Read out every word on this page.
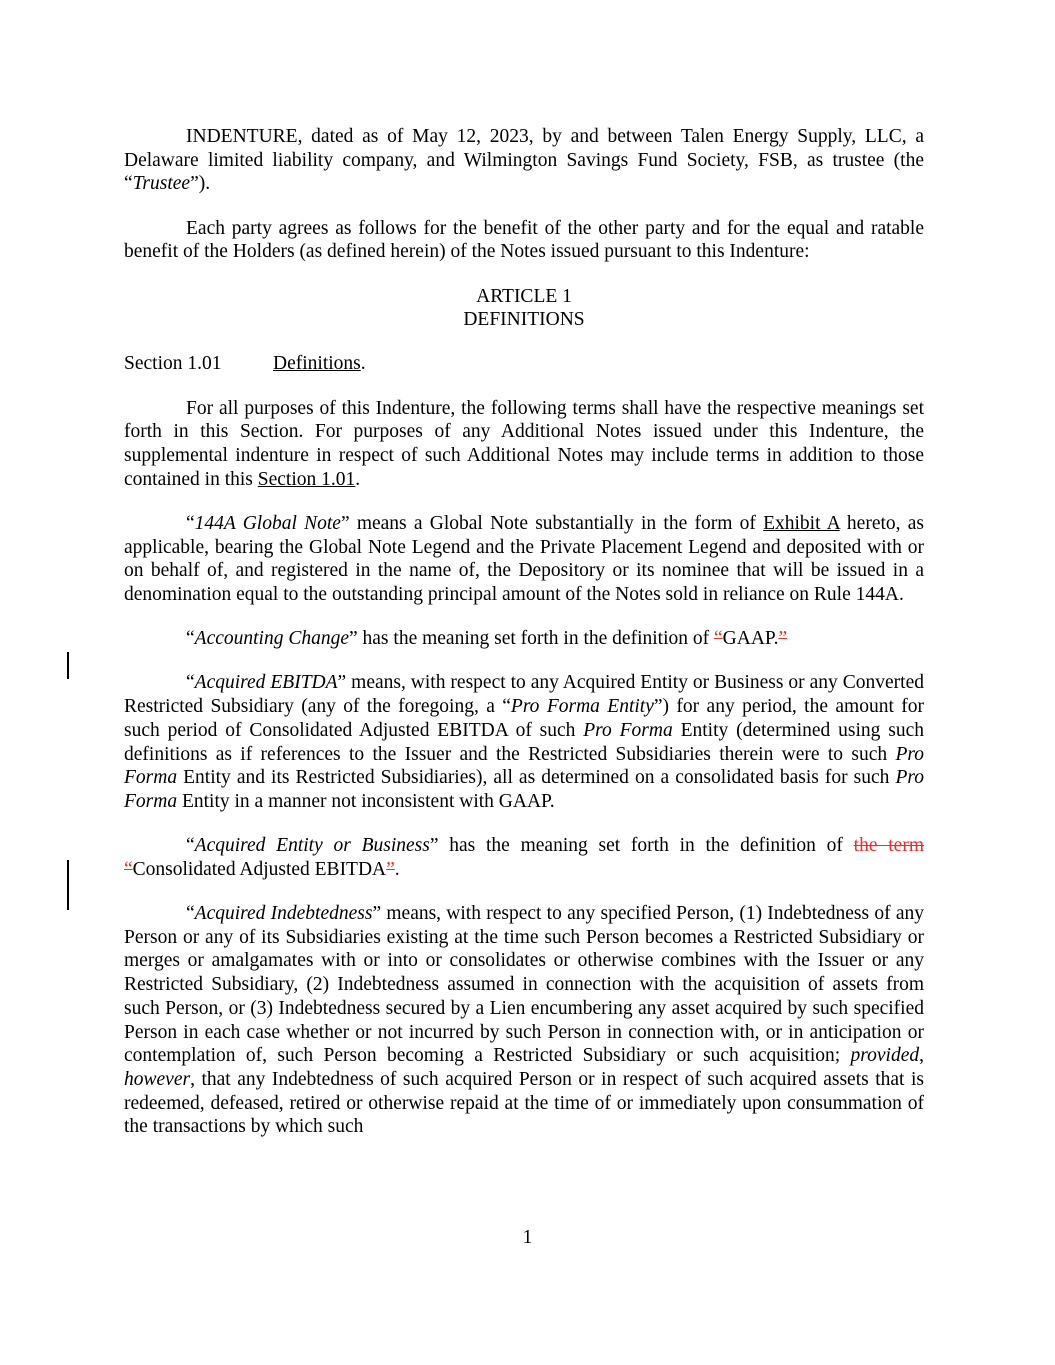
INDENTURE, dated as of May 12, 2023, by and between Talen Energy Supply, LLC, a Delaware limited liability company, and Wilmington Savings Fund Society, FSB, as trustee (the “Trustee”).

Each party agrees as follows for the benefit of the other party and for the equal and ratable benefit of the Holders (as defined herein) of the Notes issued pursuant to this Indenture:

ARTICLE 1
DEFINITIONS

Section 1.01	Definitions.

For all purposes of this Indenture, the following terms shall have the respective meanings set forth in this Section. For purposes of any Additional Notes issued under this Indenture, the supplemental indenture in respect of such Additional Notes may include terms in addition to those contained in this Section 1.01.

“144A Global Note” means a Global Note substantially in the form of Exhibit A hereto, as applicable, bearing the Global Note Legend and the Private Placement Legend and deposited with or on behalf of, and registered in the name of, the Depository or its nominee that will be issued in a denomination equal to the outstanding principal amount of the Notes sold in reliance on Rule 144A.

“Accounting Change” has the meaning set forth in the definition of “GAAP.”

“Acquired EBITDA” means, with respect to any Acquired Entity or Business or any Converted Restricted Subsidiary (any of the foregoing, a “Pro Forma Entity”) for any period, the amount for such period of Consolidated Adjusted EBITDA of such Pro Forma Entity (determined using such definitions as if references to the Issuer and the Restricted Subsidiaries therein were to such Pro Forma Entity and its Restricted Subsidiaries), all as determined on a consolidated basis for such Pro Forma Entity in a manner not inconsistent with GAAP.

“Acquired Entity or Business” has the meaning set forth in the definition of the term “Consolidated Adjusted EBITDA”.

“Acquired Indebtedness” means, with respect to any specified Person, (1) Indebtedness of any Person or any of its Subsidiaries existing at the time such Person becomes a Restricted Subsidiary or merges or amalgamates with or into or consolidates or otherwise combines with the Issuer or any Restricted Subsidiary, (2) Indebtedness assumed in connection with the acquisition of assets from such Person, or (3) Indebtedness secured by a Lien encumbering any asset acquired by such specified Person in each case whether or not incurred by such Person in connection with, or in anticipation or contemplation of, such Person becoming a Restricted Subsidiary or such acquisition; provided, however, that any Indebtedness of such acquired Person or in respect of such acquired assets that is redeemed, defeased, retired or otherwise repaid at the time of or immediately upon consummation of the transactions by which such

1
